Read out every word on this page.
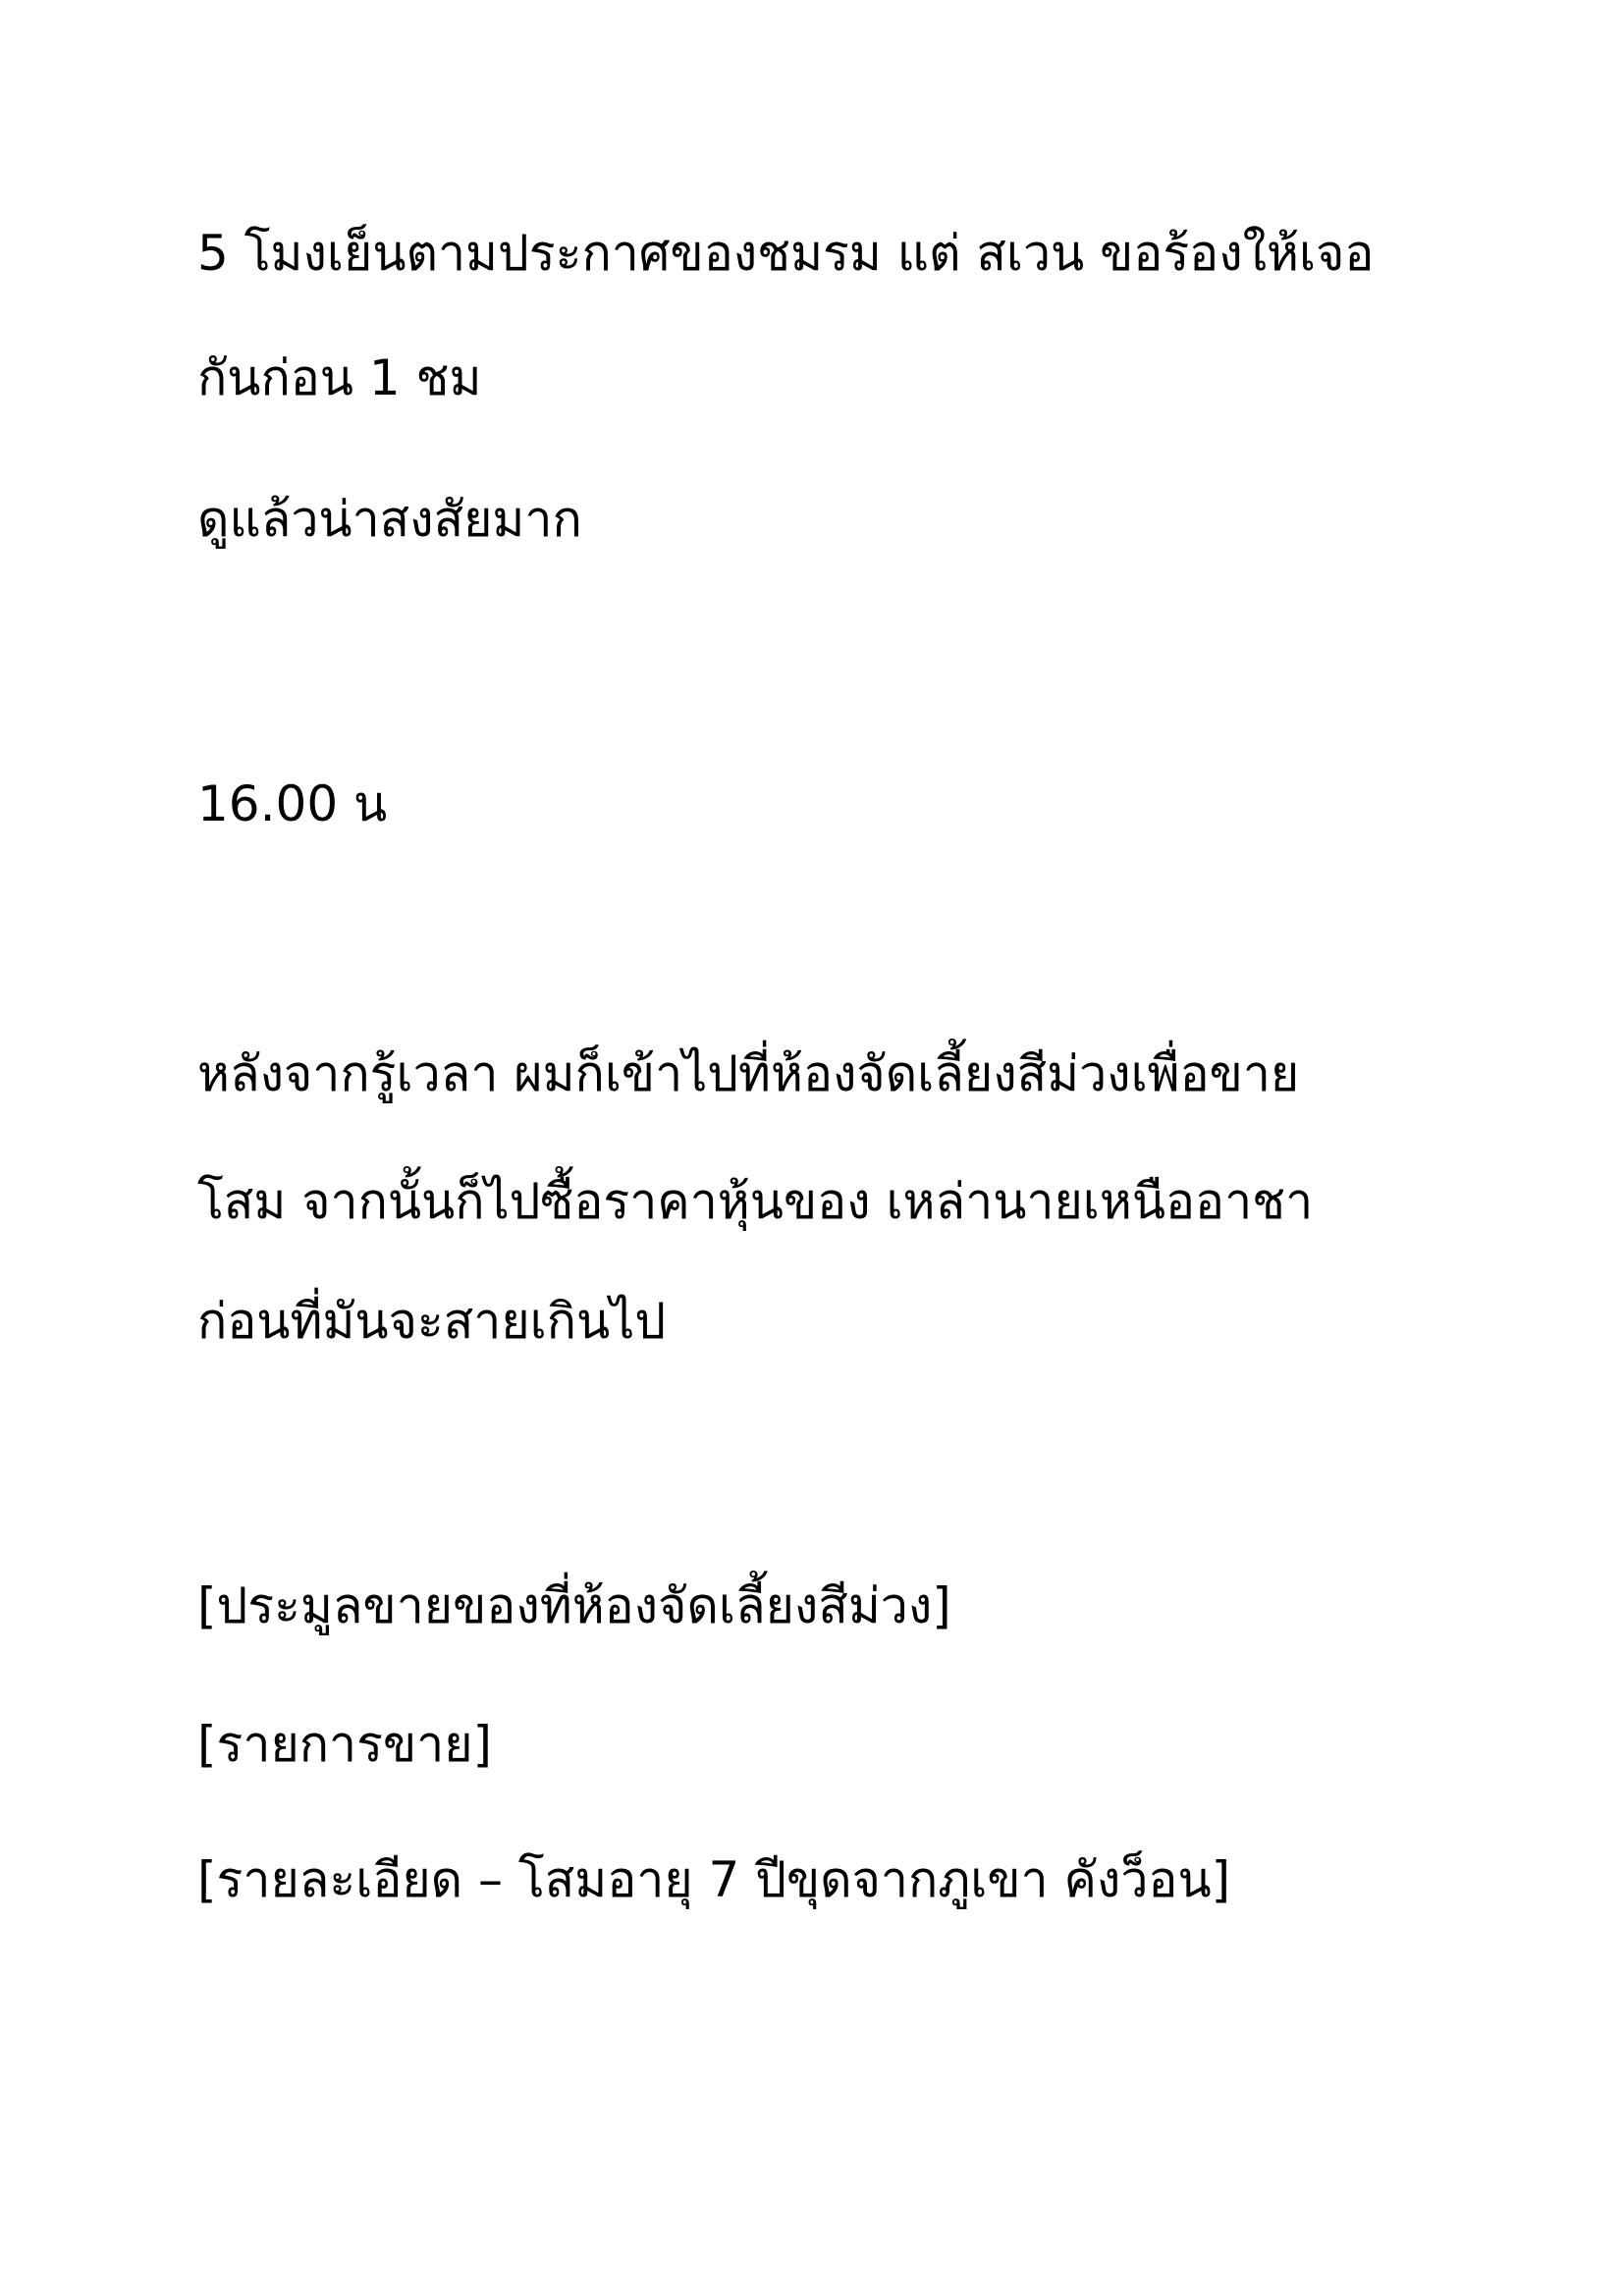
5 โมงเย็นตามประกาศของชมรม แต่ สเวน ขอร้องให้เจอ

กันก่อน 1 ชม

ดูแล้วน่าสงสัยมาก

16.00 น

หลังจากรู้เวลา ผมก็เข้าไปที่ห้องจัดเลี้ยงสีม่วงเพื่อขาย

โสม จากนั้นก็ไปซื้อราคาหุ้นของ เหล่านายเหนืออาชา

ก่อนที่มันจะสายเกินไป

[ประมูลขายของที่ห้องจัดเลี้ยงสีม่วง]

[รายการขาย]

[รายละเอียด – โสมอายุ 7 ปีขุดจากภูเขา คังว็อน]
